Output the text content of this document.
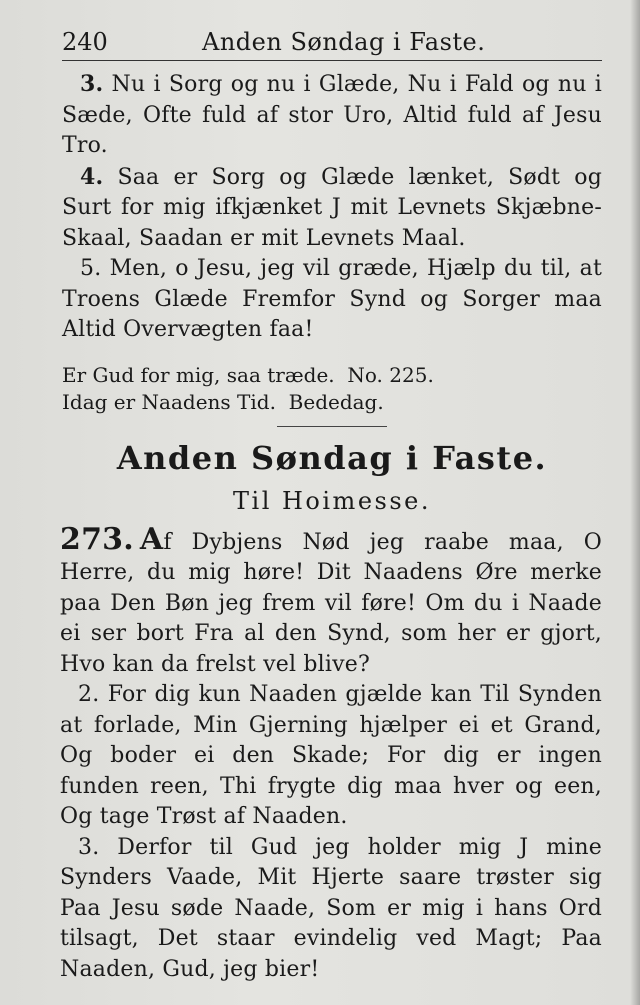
240	Anden Søndag i Faste.

3. Nu i Sorg og nu i Glæde, Nu i Fald og nu i Sæde, Ofte fuld af stor Uro, Altid fuld af Jesu Tro.

4. Saa er Sorg og Glæde lænket, Sødt og Surt for mig ifkjænket J mit Levnets Skjæbne-Skaal, Saadan er mit Levnets Maal.

5. Men, o Jesu, jeg vil græde, Hjælp du til, at Troens Glæde Fremfor Synd og Sorger maa Altid Overvægten faa!

Er Gud for mig, saa træde. No. 225.

Idag er Naadens Tid. Bededag.

Anden Søndag i Faste.
Til Hoimesse.

273. Af Dybjens Nød jeg raabe maa, O Herre, du mig høre! Dit Naadens Øre merke paa Den Bøn jeg frem vil føre! Om du i Naade ei ser bort Fra al den Synd, som her er gjort, Hvo kan da frelst vel blive?

2. For dig kun Naaden gjælde kan Til Synden at forlade, Min Gjerning hjælper ei et Grand, Og boder ei den Skade; For dig er ingen funden reen, Thi frygte dig maa hver og een, Og tage Trøst af Naaden.

3. Derfor til Gud jeg holder mig J mine Synders Vaade, Mit Hjerte saare trøster sig Paa Jesu søde Naade, Som er mig i hans Ord tilsagt, Det staar evindelig ved Magt; Paa Naaden, Gud, jeg bier!
